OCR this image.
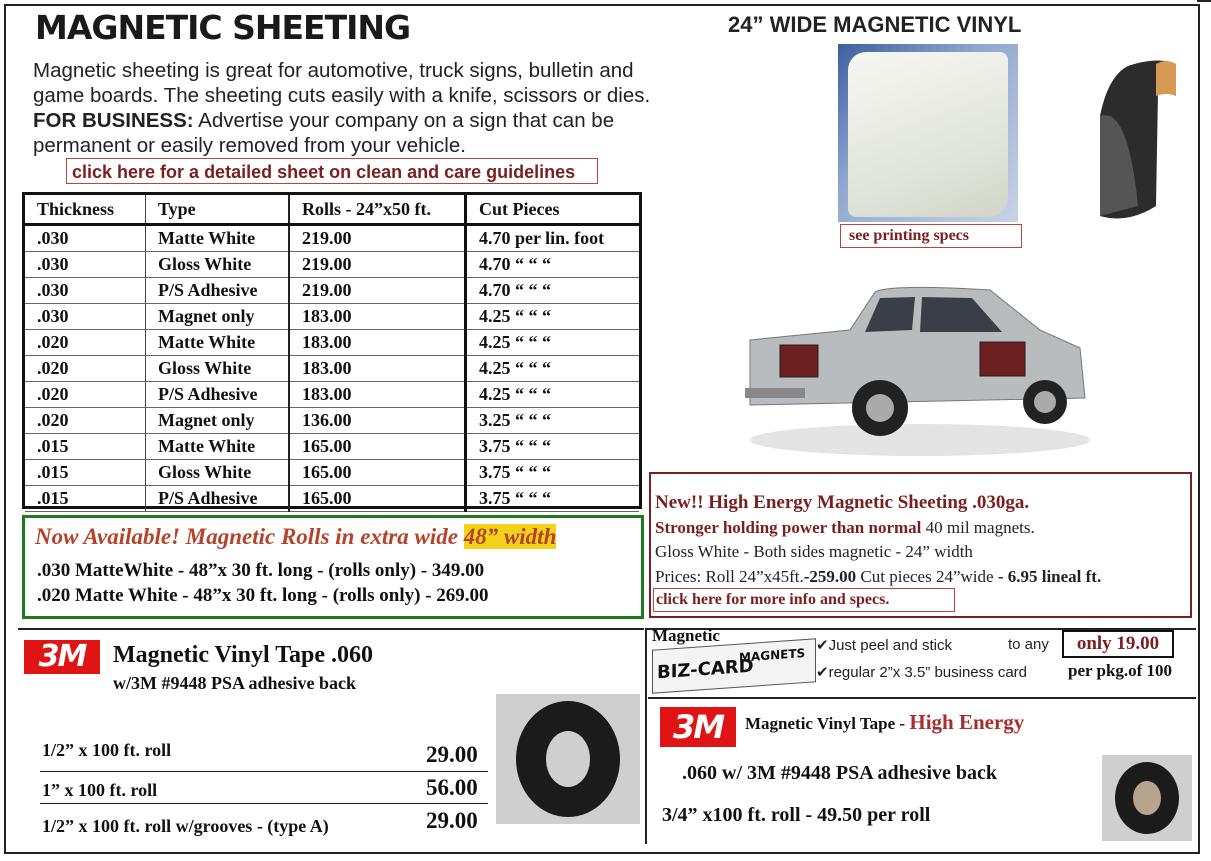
MAGNETIC SHEETING
Magnetic sheeting is great for automotive, truck signs, bulletin and
game boards. The sheeting cuts easily with a knife, scissors or dies.
FOR BUSINESS: Advertise your company on a sign that can be
permanent or easily removed from your vehicle.
click here for a detailed sheet on clean and care guidelines
Thickness	Type	Rolls - 24”x50 ft.	Cut Pieces
.030	Matte White	219.00	4.70 per lin. foot
.030	Gloss White	219.00	4.70 “ “ “
.030	P/S Adhesive	219.00	4.70 “ “ “
.030	Magnet only	183.00	4.25 “ “ “
.020	Matte White	183.00	4.25 “ “ “
.020	Gloss White	183.00	4.25 “ “ “
.020	P/S Adhesive	183.00	4.25 “ “ “
.020	Magnet only	136.00	3.25 “ “ “
.015	Matte White	165.00	3.75 “ “ “
.015	Gloss White	165.00	3.75 “ “ “
.015	P/S Adhesive	165.00	3.75 “ “ “
Now Available! Magnetic Rolls in extra wide 48” width
.030 MatteWhite - 48”x 30 ft. long - (rolls only) - 349.00
.020 Matte White - 48”x 30 ft. long - (rolls only) - 269.00
24” WIDE MAGNETIC VINYL
see printing specs
New!! High Energy Magnetic Sheeting .030ga.
Stronger holding power than normal 40 mil magnets.
Gloss White - Both sides magnetic - 24” width
Prices: Roll 24”x45ft.-259.00 Cut pieces 24”wide - 6.95 lineal ft.
click here for more info and specs.
3M	Magnetic Vinyl Tape .060
w/3M #9448 PSA adhesive back
1/2” x 100 ft. roll	29.00
1” x 100 ft. roll	56.00
1/2” x 100 ft. roll w/grooves - (type A)	29.00
Magnetic
BIZ-CARD
MAGNETS
✔Just peel and stick	to any
✔regular 2”x 3.5” business card
only 19.00
per pkg.of 100
3M	Magnetic Vinyl Tape - High Energy
.060 w/ 3M #9448 PSA adhesive back
3/4” x100 ft. roll - 49.50 per roll
